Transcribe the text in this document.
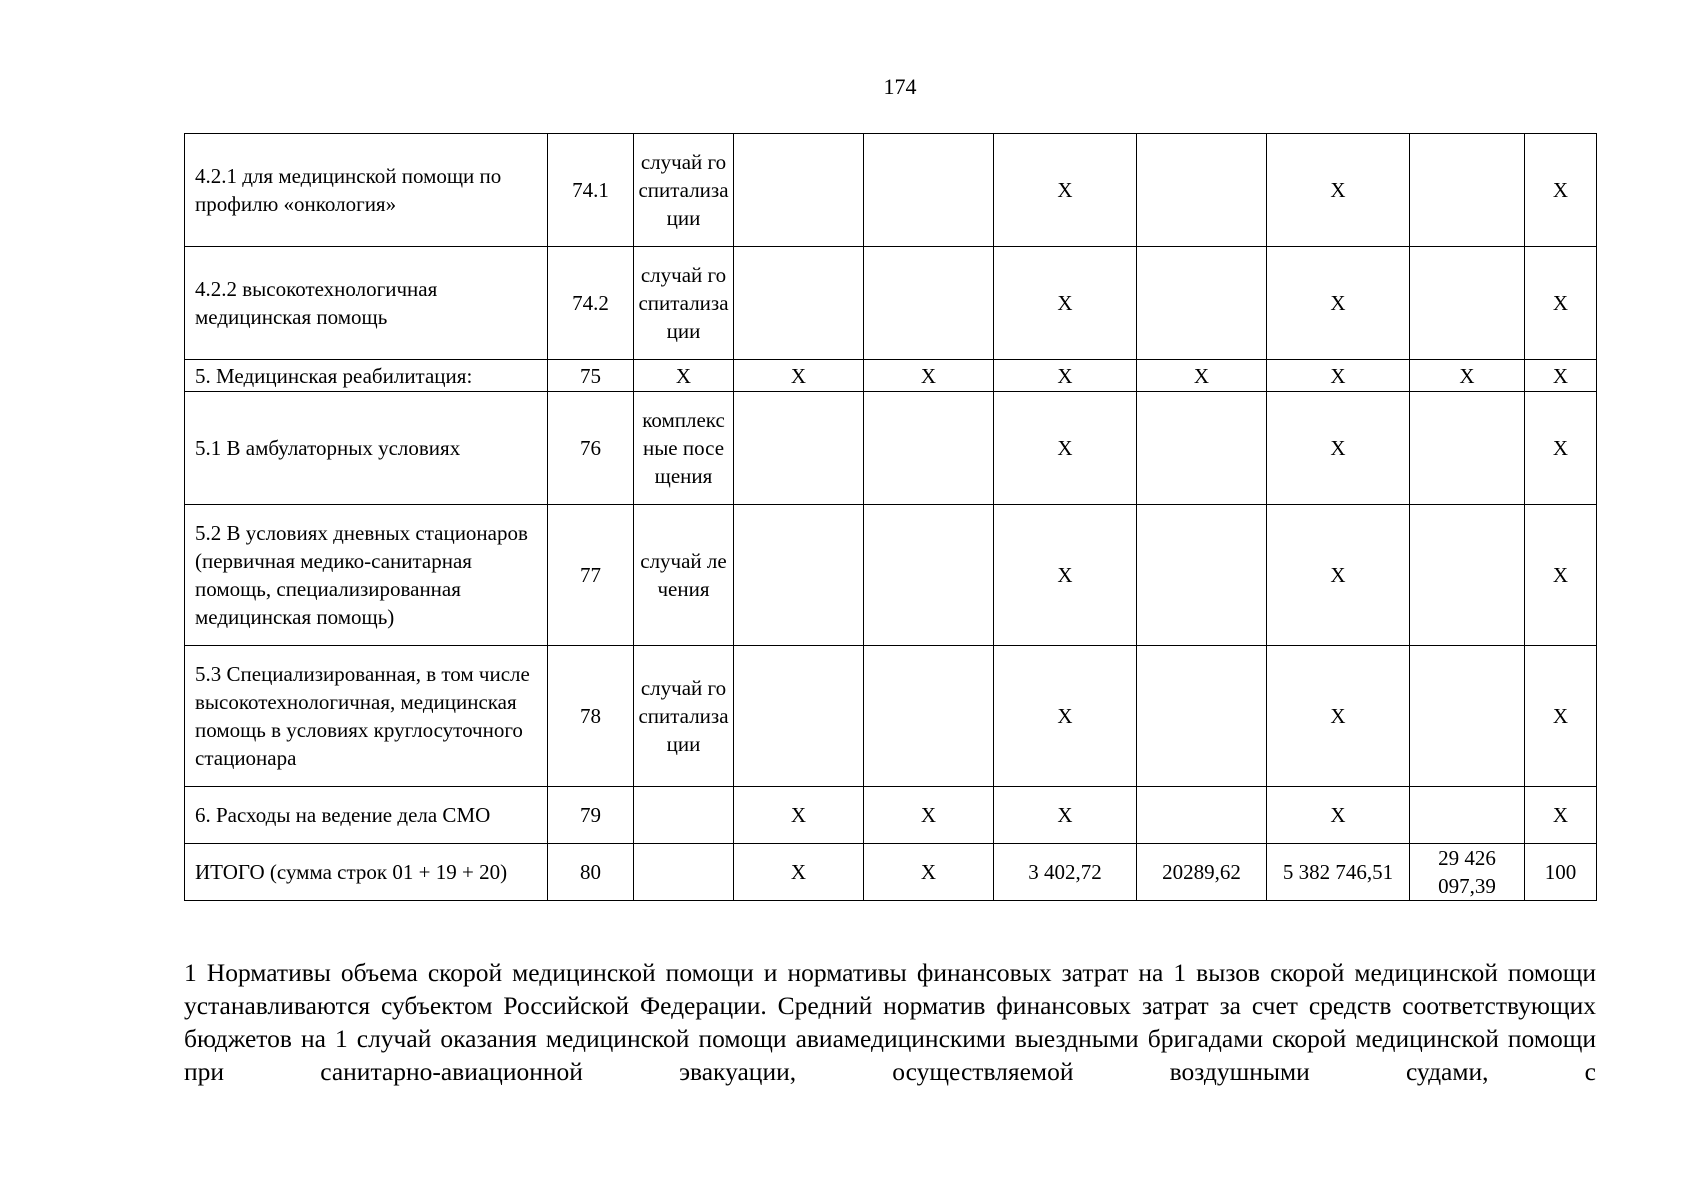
174
4.2.1 для медицинской помощи по профилю «онкология»	74.1	случай госпитализации			Х		Х		Х
4.2.2 высокотехнологичная медицинская помощь	74.2	случай госпитализации			Х		Х		Х
5. Медицинская реабилитация:	75	Х	Х	Х	Х	Х	Х	Х	Х
5.1 В амбулаторных условиях	76	комплексные посещения			Х		Х		Х
5.2 В условиях дневных стационаров (первичная медико-санитарная помощь, специализированная медицинская помощь)	77	случай лечения			Х		Х		Х
5.3 Специализированная, в том числе высокотехнологичная, медицинская помощь в условиях круглосуточного стационара	78	случай госпитализации			Х		Х		Х
6. Расходы на ведение дела СМО	79		Х	Х	Х		Х		Х
ИТОГО (сумма строк 01 + 19 + 20)	80		Х	Х	3 402,72	20289,62	5 382 746,51	29 426 097,39	100

1 Нормативы объема скорой медицинской помощи и нормативы финансовых затрат на 1 вызов скорой медицинской помощи устанавливаются субъектом Российской Федерации. Средний норматив финансовых затрат за счет средств соответствующих бюджетов на 1 случай оказания медицинской помощи авиамедицинскими выездными бригадами скорой медицинской помощи при санитарно-авиационной эвакуации, осуществляемой воздушными судами, с
